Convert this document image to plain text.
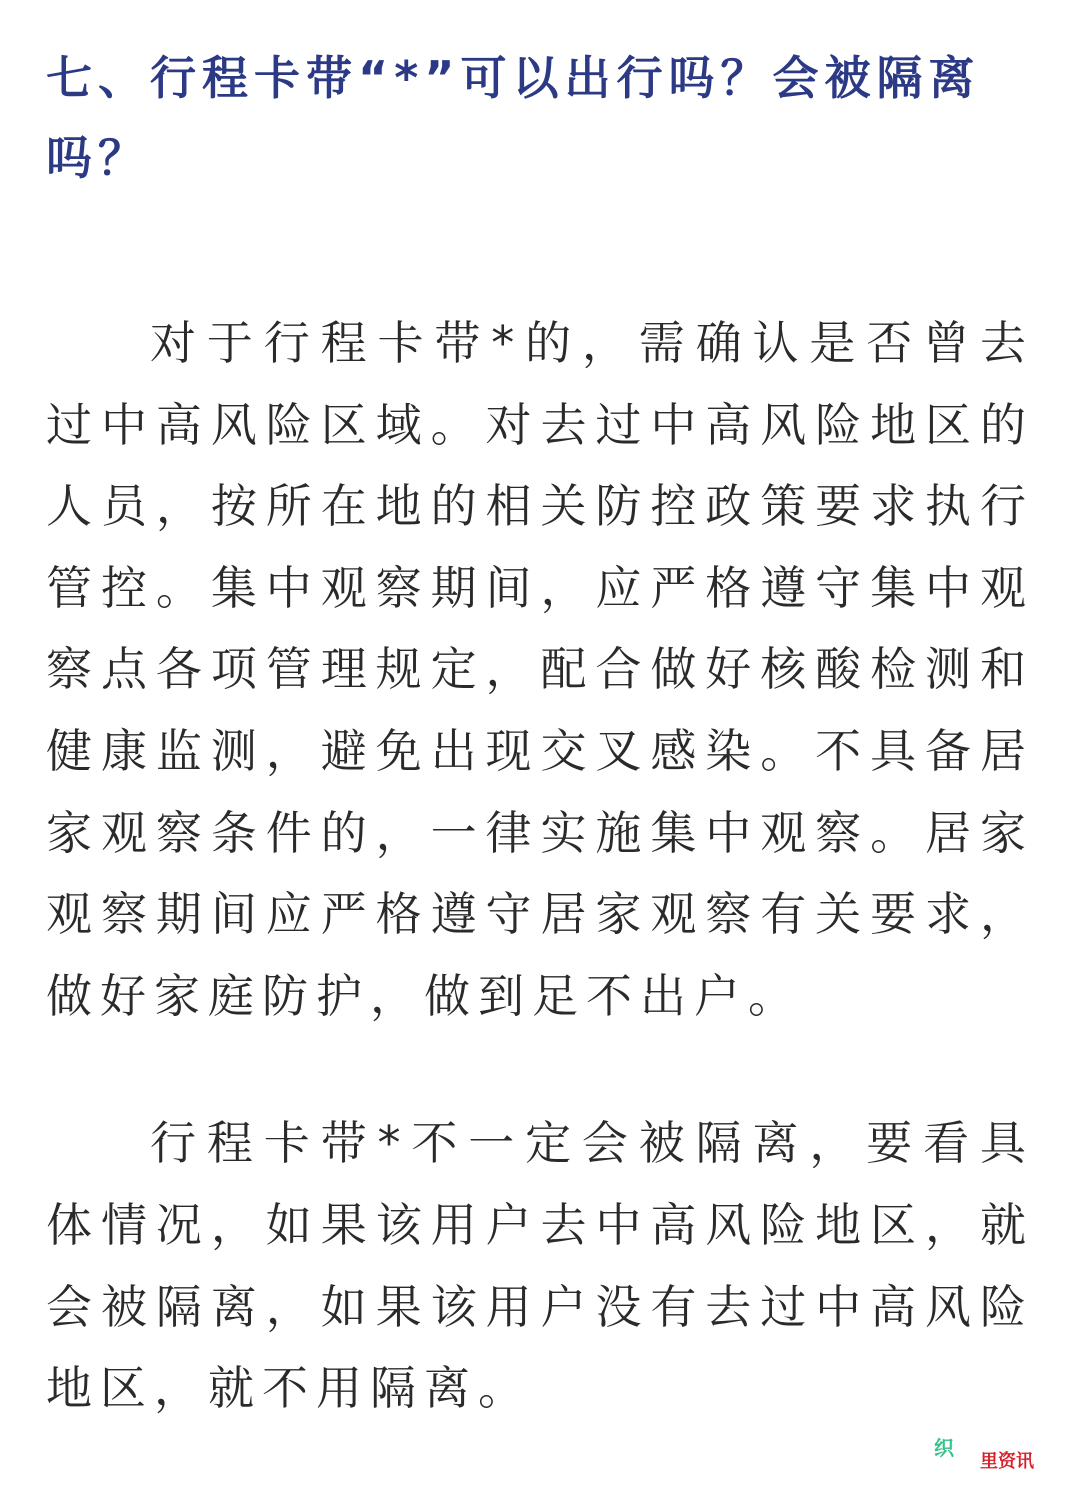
七、行程卡带“*”可以出行吗？会被隔离吗？

对于行程卡带*的，需确认是否曾去过中高风险区域。对去过中高风险地区的人员，按所在地的相关防控政策要求执行管控。集中观察期间，应严格遵守集中观察点各项管理规定，配合做好核酸检测和健康监测，避免出现交叉感染。不具备居家观察条件的，一律实施集中观察。居家观察期间应严格遵守居家观察有关要求，做好家庭防护，做到足不出户。

行程卡带*不一定会被隔离，要看具体情况，如果该用户去中高风险地区，就会被隔离，如果该用户没有去过中高风险地区，就不用隔离。

织
里资讯
